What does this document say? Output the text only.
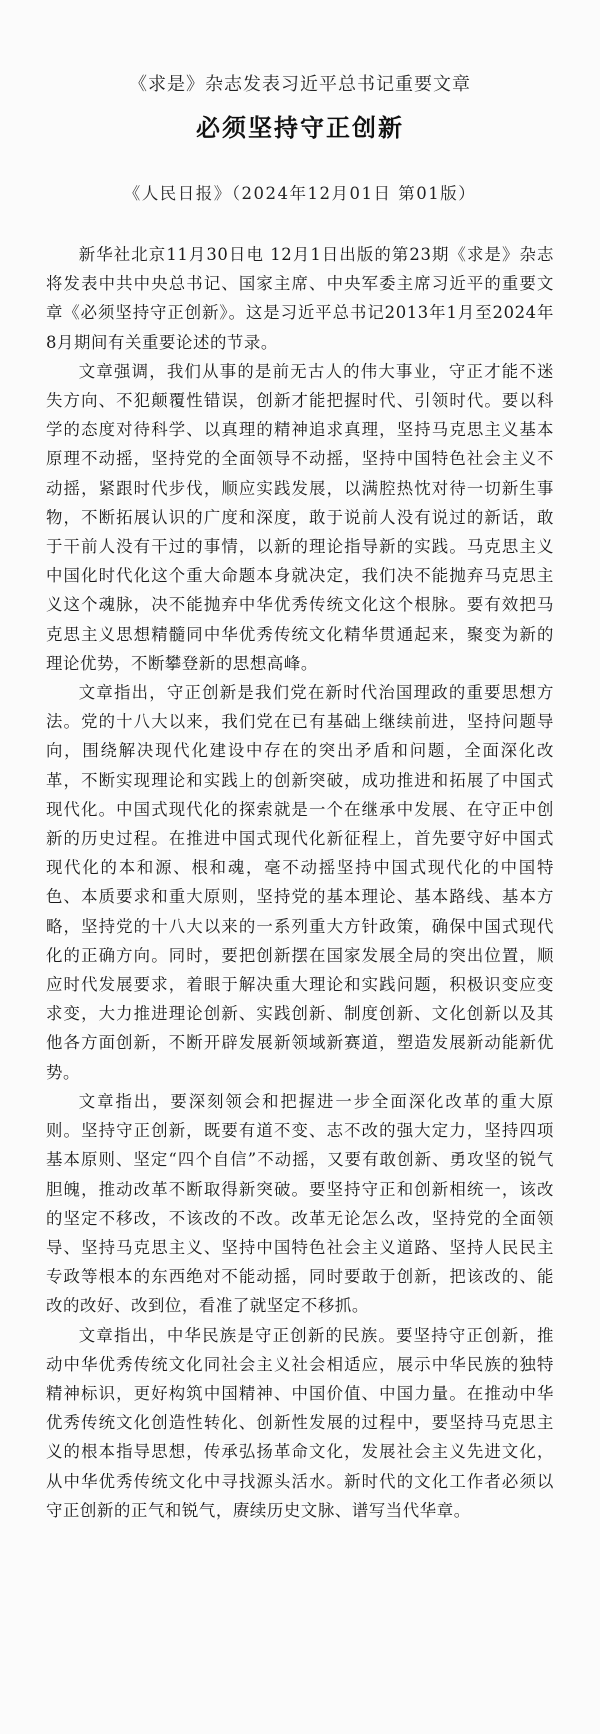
《求是》杂志发表习近平总书记重要文章
必须坚持守正创新
《人民日报》（2024年12月01日 第01版）

新华社北京11月30日电 12月1日出版的第23期《求是》杂志将发表中共中央总书记、国家主席、中央军委主席习近平的重要文章《必须坚持守正创新》。这是习近平总书记2013年1月至2024年8月期间有关重要论述的节录。

文章强调，我们从事的是前无古人的伟大事业，守正才能不迷失方向、不犯颠覆性错误，创新才能把握时代、引领时代。要以科学的态度对待科学、以真理的精神追求真理，坚持马克思主义基本原理不动摇，坚持党的全面领导不动摇，坚持中国特色社会主义不动摇，紧跟时代步伐，顺应实践发展，以满腔热忱对待一切新生事物，不断拓展认识的广度和深度，敢于说前人没有说过的新话，敢于干前人没有干过的事情，以新的理论指导新的实践。马克思主义中国化时代化这个重大命题本身就决定，我们决不能抛弃马克思主义这个魂脉，决不能抛弃中华优秀传统文化这个根脉。要有效把马克思主义思想精髓同中华优秀传统文化精华贯通起来，聚变为新的理论优势，不断攀登新的思想高峰。

文章指出，守正创新是我们党在新时代治国理政的重要思想方法。党的十八大以来，我们党在已有基础上继续前进，坚持问题导向，围绕解决现代化建设中存在的突出矛盾和问题，全面深化改革，不断实现理论和实践上的创新突破，成功推进和拓展了中国式现代化。中国式现代化的探索就是一个在继承中发展、在守正中创新的历史过程。在推进中国式现代化新征程上，首先要守好中国式现代化的本和源、根和魂，毫不动摇坚持中国式现代化的中国特色、本质要求和重大原则，坚持党的基本理论、基本路线、基本方略，坚持党的十八大以来的一系列重大方针政策，确保中国式现代化的正确方向。同时，要把创新摆在国家发展全局的突出位置，顺应时代发展要求，着眼于解决重大理论和实践问题，积极识变应变求变，大力推进理论创新、实践创新、制度创新、文化创新以及其他各方面创新，不断开辟发展新领域新赛道，塑造发展新动能新优势。

文章指出，要深刻领会和把握进一步全面深化改革的重大原则。坚持守正创新，既要有道不变、志不改的强大定力，坚持四项基本原则、坚定“四个自信”不动摇，又要有敢创新、勇攻坚的锐气胆魄，推动改革不断取得新突破。要坚持守正和创新相统一，该改的坚定不移改，不该改的不改。改革无论怎么改，坚持党的全面领导、坚持马克思主义、坚持中国特色社会主义道路、坚持人民民主专政等根本的东西绝对不能动摇，同时要敢于创新，把该改的、能改的改好、改到位，看准了就坚定不移抓。

文章指出，中华民族是守正创新的民族。要坚持守正创新，推动中华优秀传统文化同社会主义社会相适应，展示中华民族的独特精神标识，更好构筑中国精神、中国价值、中国力量。在推动中华优秀传统文化创造性转化、创新性发展的过程中，要坚持马克思主义的根本指导思想，传承弘扬革命文化，发展社会主义先进文化，从中华优秀传统文化中寻找源头活水。新时代的文化工作者必须以守正创新的正气和锐气，赓续历史文脉、谱写当代华章。
